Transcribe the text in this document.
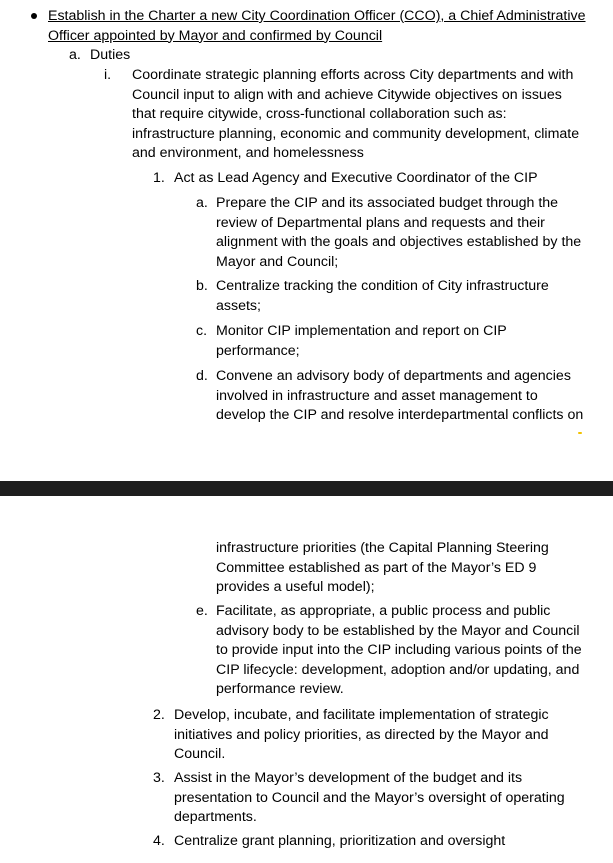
Establish in the Charter a new City Coordination Officer (CCO), a Chief Administrative Officer appointed by Mayor and confirmed by Council
a. Duties
i. Coordinate strategic planning efforts across City departments and with Council input to align with and achieve Citywide objectives on issues that require citywide, cross-functional collaboration such as: infrastructure planning, economic and community development, climate and environment, and homelessness
1. Act as Lead Agency and Executive Coordinator of the CIP
a. Prepare the CIP and its associated budget through the review of Departmental plans and requests and their alignment with the goals and objectives established by the Mayor and Council;
b. Centralize tracking the condition of City infrastructure assets;
c. Monitor CIP implementation and report on CIP performance;
d. Convene an advisory body of departments and agencies involved in infrastructure and asset management to develop the CIP and resolve interdepartmental conflicts on
infrastructure priorities (the Capital Planning Steering Committee established as part of the Mayor’s ED 9 provides a useful model);
e. Facilitate, as appropriate, a public process and public advisory body to be established by the Mayor and Council to provide input into the CIP including various points of the CIP lifecycle: development, adoption and/or updating, and performance review.
2. Develop, incubate, and facilitate implementation of strategic initiatives and policy priorities, as directed by the Mayor and Council.
3. Assist in the Mayor’s development of the budget and its presentation to Council and the Mayor’s oversight of operating departments.
4. Centralize grant planning, prioritization and oversight
